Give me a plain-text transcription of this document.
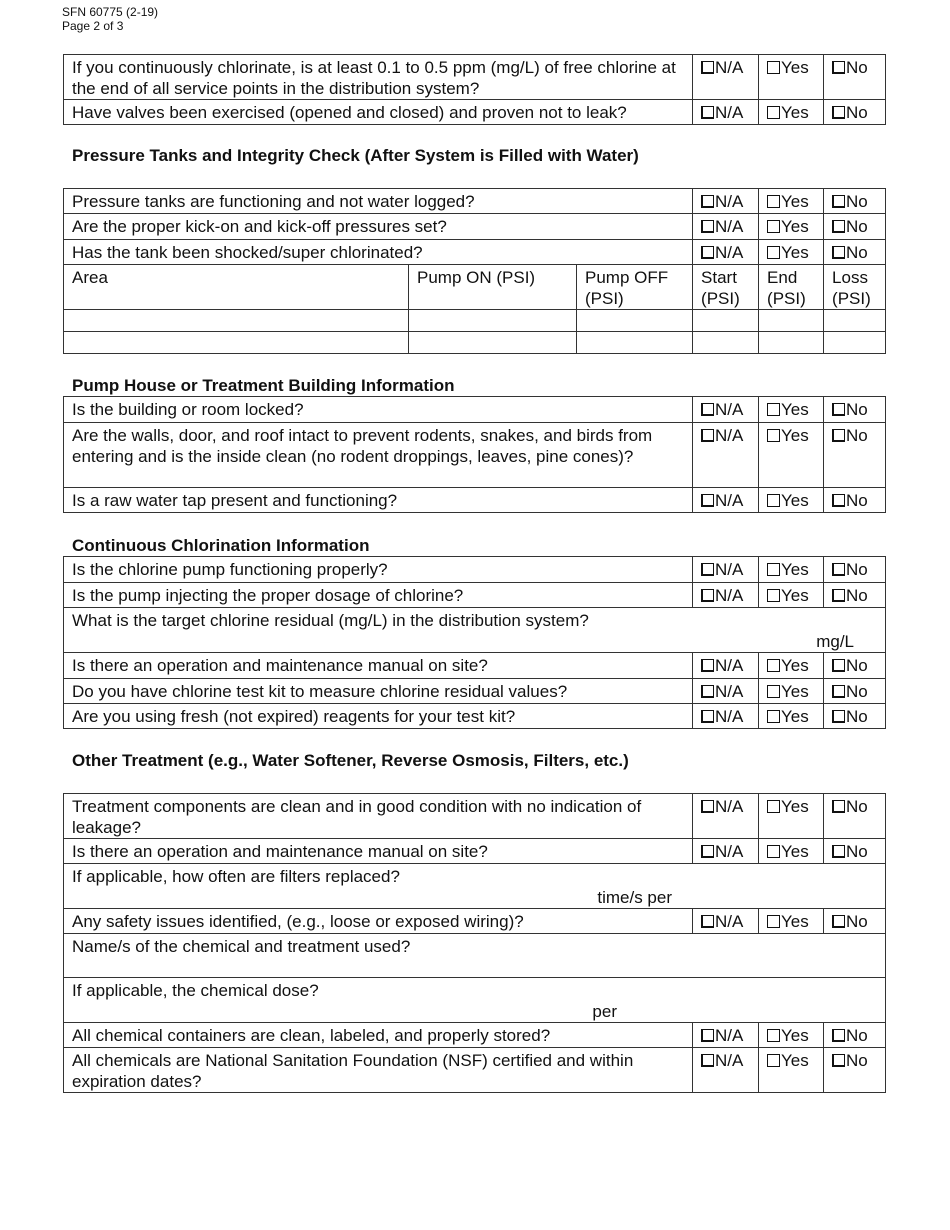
SFN 60775 (2-19)
Page 2 of 3
If you continuously chlorinate, is at least 0.1 to 0.5 ppm (mg/L) of free chlorine at the end of all service points in the distribution system?	N/A	Yes	No
Have valves been exercised (opened and closed) and proven not to leak?	N/A	Yes	No
Pressure Tanks and Integrity Check (After System is Filled with Water)
Pressure tanks are functioning and not water logged?			N/A	Yes	No
Are the proper kick-on and kick-off pressures set?			N/A	Yes	No
Has the tank been shocked/super chlorinated?			N/A	Yes	No
Area	Pump ON (PSI)	Pump OFF (PSI)	Start (PSI)	End (PSI)	Loss (PSI)

Pump House or Treatment Building Information
Is the building or room locked?	N/A	Yes	No
Are the walls, door, and roof intact to prevent rodents, snakes, and birds from entering and is the inside clean (no rodent droppings, leaves, pine cones)?	N/A	Yes	No
Is a raw water tap present and functioning?	N/A	Yes	No
Continuous Chlorination Information
Is the chlorine pump functioning properly?	N/A	Yes	No
Is the pump injecting the proper dosage of chlorine?	N/A	Yes	No
What is the target chlorine residual (mg/L) in the distribution system?
mg/L			

Is there an operation and maintenance manual on site?	N/A	Yes	No
Do you have chlorine test kit to measure chlorine residual values?	N/A	Yes	No
Are you using fresh (not expired) reagents for your test kit?	N/A	Yes	No
Other Treatment (e.g., Water Softener, Reverse Osmosis, Filters, etc.)
Treatment components are clean and in good condition with no indication of leakage?	N/A	Yes	No
Is there an operation and maintenance manual on site?	N/A	Yes	No
If applicable, how often are filters replaced?
time/s per			

Any safety issues identified, (e.g., loose or exposed wiring)?	N/A	Yes	No
Name/s of the chemical and treatment used?			
If applicable, the chemical dose?
per			

All chemical containers are clean, labeled, and properly stored?	N/A	Yes	No
All chemicals are National Sanitation Foundation (NSF) certified and within expiration dates?	N/A	Yes	No
